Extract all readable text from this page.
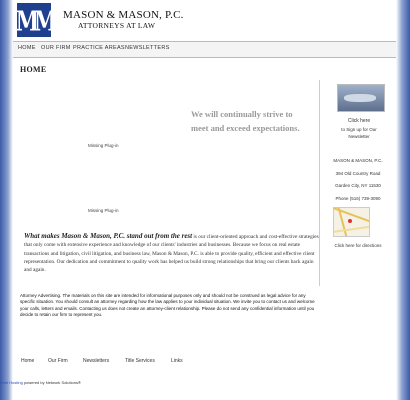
MM MASON & MASON, P.C.
ATTORNEYS AT LAW
HOME OUR FIRM PRACTICE AREAS NEWSLETTERS
HOME
We will continually strive to
meet and exceed expectations.
Missing Plug-in
Missing Plug-in
What makes Mason & Mason, P.C. stand out from the rest is our client-oriented approach and cost-effective strategies that only come with extensive experience and knowledge of our clients' industries and businesses. Because we focus on real estate transactions and litigation, civil litigation, and business law, Mason & Mason, P.C. is able to provide quality, efficient and effective client representation. Our dedication and commitment to quality work has helped us build strong relationships that bring our clients back again and again.
Attorney Advertising. The materials on this site are intended for informational purposes only and should not be construed as legal advice for any specific situation. You should consult an attorney regarding how the law applies to your individual situation. We invite you to contact us and welcome your calls, letters and emails. Contacting us does not create an attorney-client relationship. Please do not send any confidential information until you decide to retain our firm to represent you.
Click here
to Sign up for Our
Newsletter
MASON & MASON, P.C.
394 Old Country Road
Garden City, NY 11530
Phone (516) 739-3090
Click here for directions
Home	Our Firm	Newsletters	Title Services	Links
Web Hosting powered by Network Solutions®
